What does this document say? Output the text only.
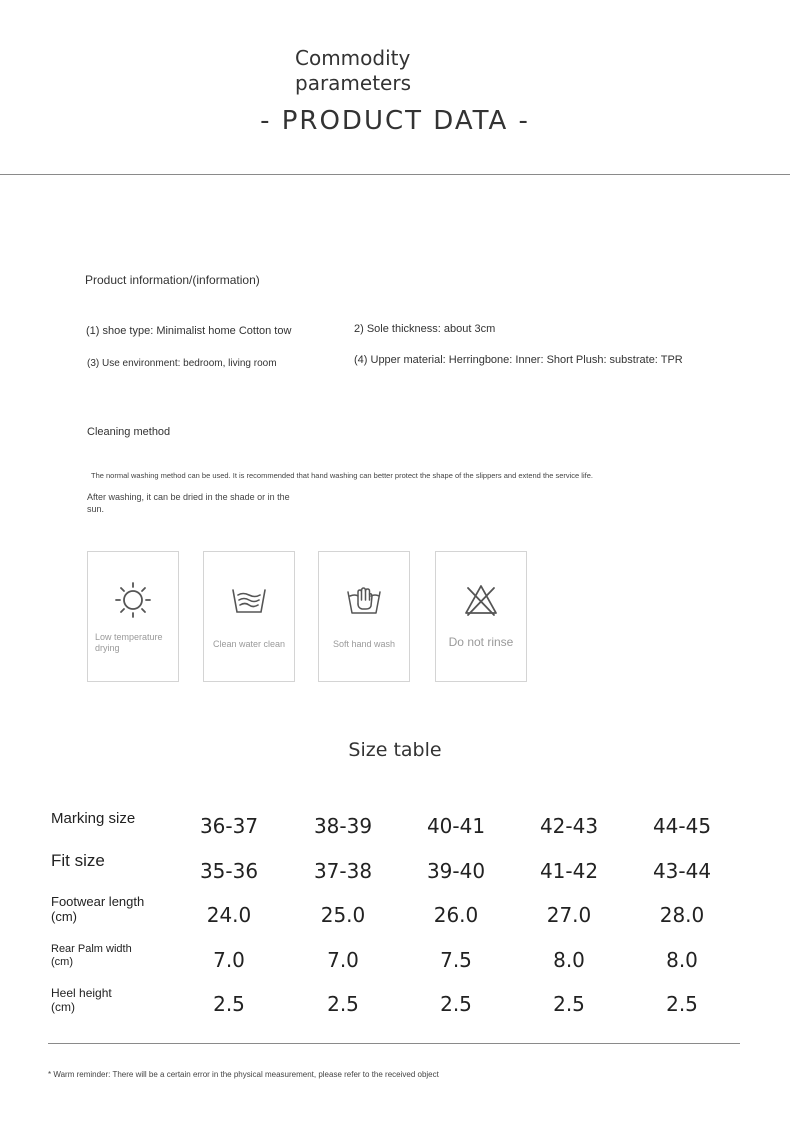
Commodity parameters
- PRODUCT DATA -
Product information/(information)
(1) shoe type: Minimalist home Cotton tow	2) Sole thickness: about 3cm
(3) Use environment: bedroom, living room	(4) Upper material: Herringbone: Inner: Short Plush: substrate: TPR
Cleaning method
The normal washing method can be used. It is recommended that hand washing can better protect the shape of the slippers and extend the service life.
After washing, it can be dried in the shade or in the sun.
Low temperature drying	Clean water clean	Soft hand wash	Do not rinse
Size table
Marking size	36-37	38-39	40-41	42-43	44-45
Fit size	35-36	37-38	39-40	41-42	43-44
Footwear length (cm)	24.0	25.0	26.0	27.0	28.0
Rear Palm width (cm)	7.0	7.0	7.5	8.0	8.0
Heel height (cm)	2.5	2.5	2.5	2.5	2.5
* Warm reminder: There will be a certain error in the physical measurement, please refer to the received object
